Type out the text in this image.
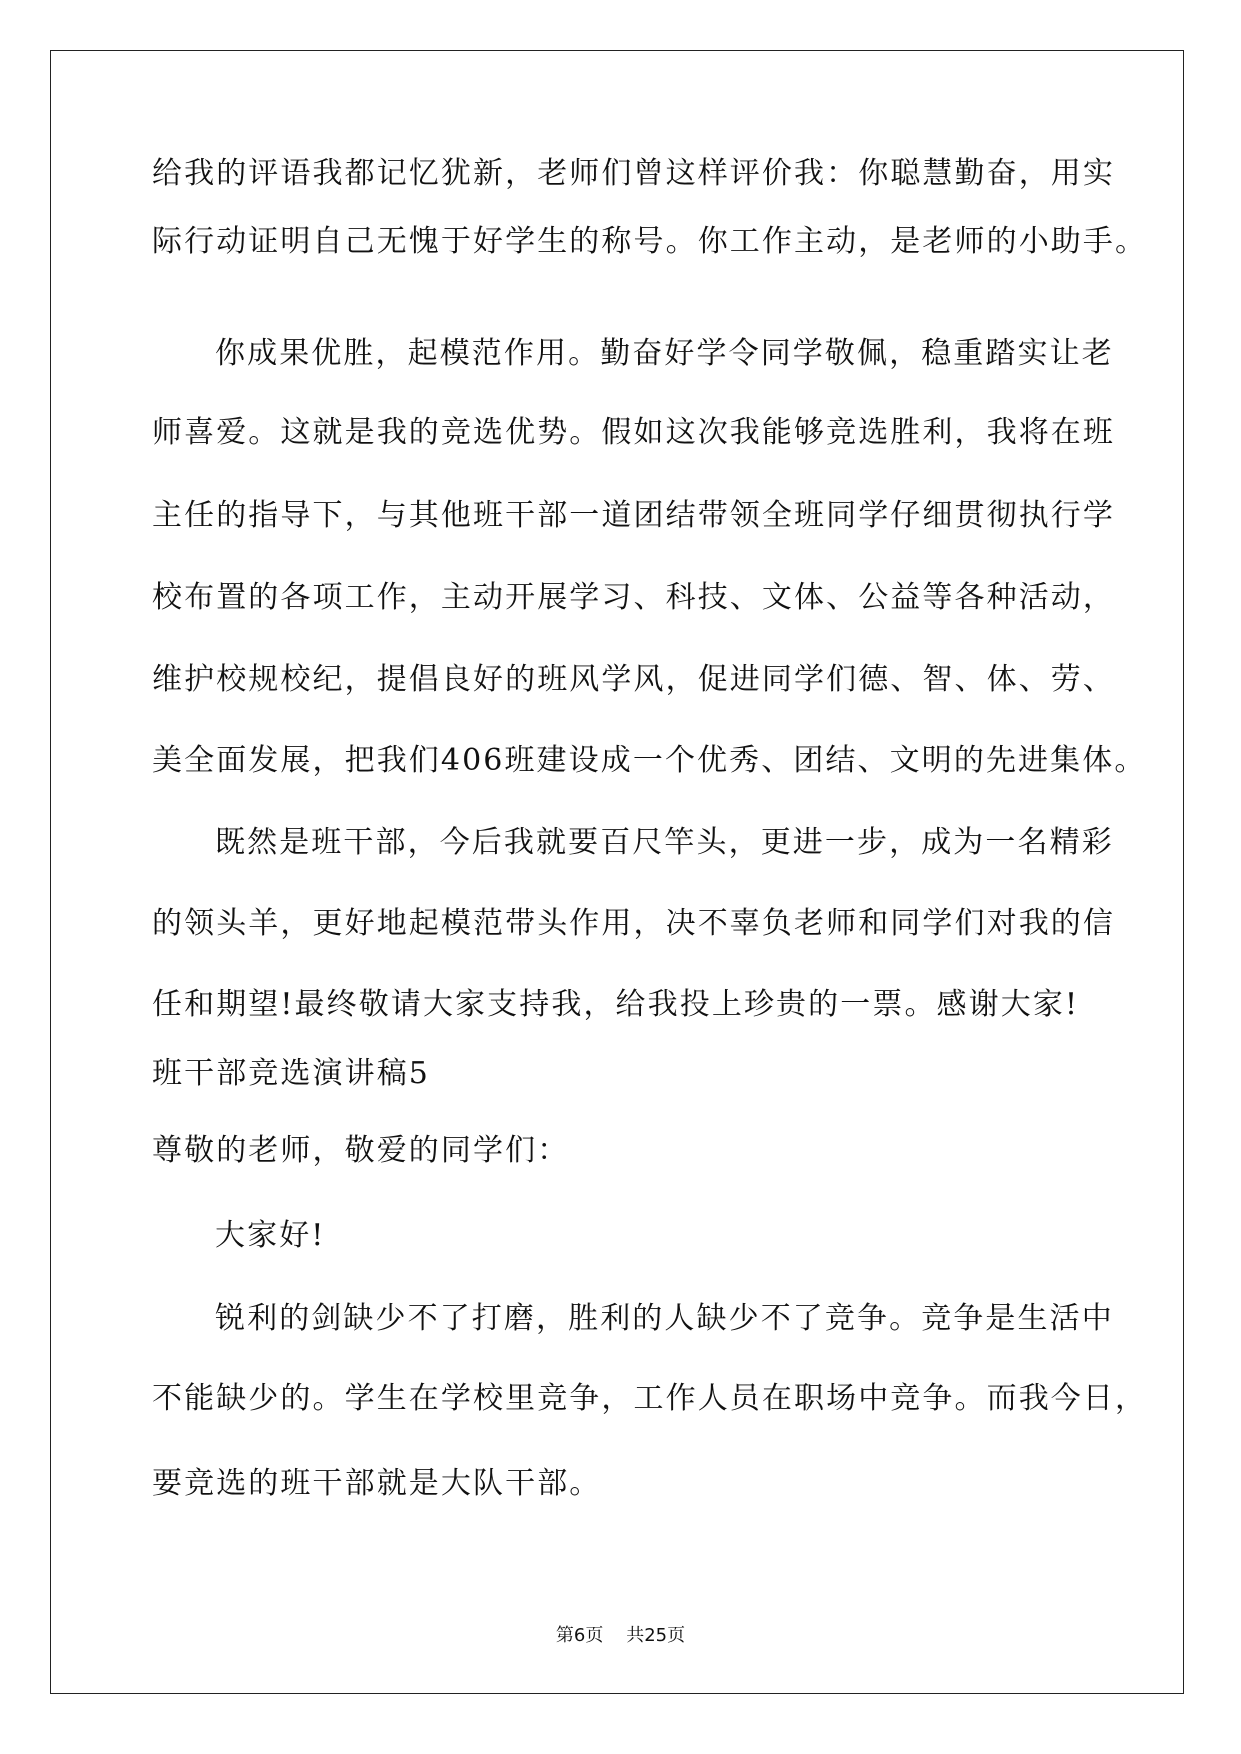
给我的评语我都记忆犹新，老师们曾这样评价我：你聪慧勤奋，用实
际行动证明自己无愧于好学生的称号。你工作主动，是老师的小助手。
你成果优胜，起模范作用。勤奋好学令同学敬佩，稳重踏实让老
师喜爱。这就是我的竞选优势。假如这次我能够竞选胜利，我将在班
主任的指导下，与其他班干部一道团结带领全班同学仔细贯彻执行学
校布置的各项工作，主动开展学习、科技、文体、公益等各种活动，
维护校规校纪，提倡良好的班风学风，促进同学们德、智、体、劳、
美全面发展，把我们406班建设成一个优秀、团结、文明的先进集体。
既然是班干部，今后我就要百尺竿头，更进一步，成为一名精彩
的领头羊，更好地起模范带头作用，决不辜负老师和同学们对我的信
任和期望!最终敬请大家支持我，给我投上珍贵的一票。感谢大家!
班干部竞选演讲稿5
尊敬的老师，敬爱的同学们：
大家好!
锐利的剑缺少不了打磨，胜利的人缺少不了竞争。竞争是生活中
不能缺少的。学生在学校里竞争，工作人员在职场中竞争。而我今日，
要竞选的班干部就是大队干部。
第6页    共25页
